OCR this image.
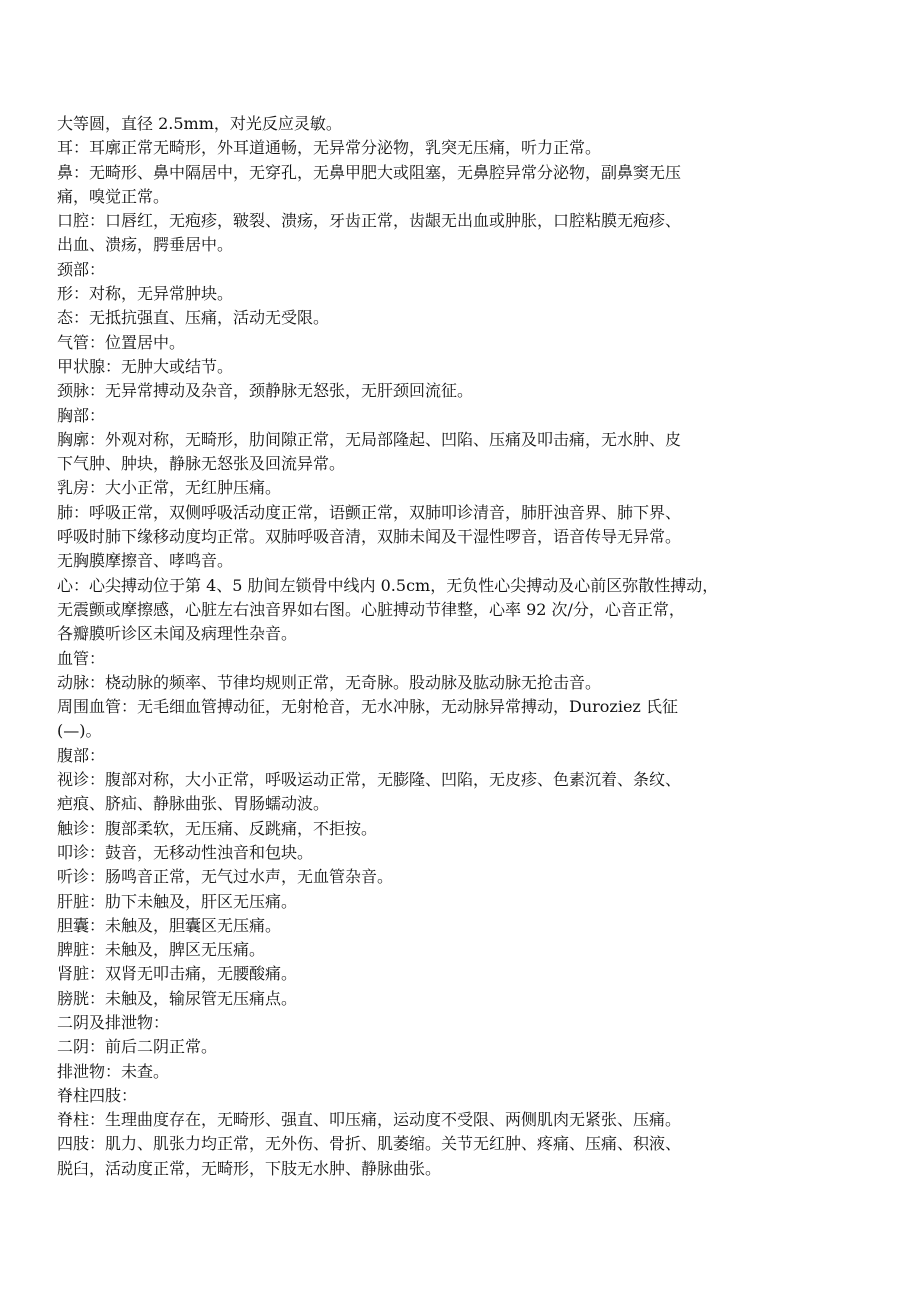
大等圆，直径 2.5mm，对光反应灵敏。
耳：耳廓正常无畸形，外耳道通畅，无异常分泌物，乳突无压痛，听力正常。
鼻：无畸形、鼻中隔居中，无穿孔，无鼻甲肥大或阻塞，无鼻腔异常分泌物，副鼻窦无压
痛，嗅觉正常。
口腔：口唇红，无疱疹，皲裂、溃疡，牙齿正常，齿龈无出血或肿胀，口腔粘膜无疱疹、
出血、溃疡，腭垂居中。
颈部：
形：对称，无异常肿块。
态：无抵抗强直、压痛，活动无受限。
气管：位置居中。
甲状腺：无肿大或结节。
颈脉：无异常搏动及杂音，颈静脉无怒张，无肝颈回流征。
胸部：
胸廓：外观对称，无畸形，肋间隙正常，无局部隆起、凹陷、压痛及叩击痛，无水肿、皮
下气肿、肿块，静脉无怒张及回流异常。
乳房：大小正常，无红肿压痛。
肺：呼吸正常，双侧呼吸活动度正常，语颤正常，双肺叩诊清音，肺肝浊音界、肺下界、
呼吸时肺下缘移动度均正常。双肺呼吸音清，双肺未闻及干湿性啰音，语音传导无异常。
无胸膜摩擦音、哮鸣音。
心：心尖搏动位于第 4、5 肋间左锁骨中线内 0.5cm，无负性心尖搏动及心前区弥散性搏动，
无震颤或摩擦感，心脏左右浊音界如右图。心脏搏动节律整，心率 92 次/分，心音正常，
各瓣膜听诊区未闻及病理性杂音。
血管：
动脉：桡动脉的频率、节律均规则正常，无奇脉。股动脉及肱动脉无抢击音。
周围血管：无毛细血管搏动征，无射枪音，无水冲脉，无动脉异常搏动，Duroziez 氏征
(—)。
腹部：
视诊：腹部对称，大小正常，呼吸运动正常，无膨隆、凹陷，无皮疹、色素沉着、条纹、
疤痕、脐疝、静脉曲张、胃肠蠕动波。
触诊：腹部柔软，无压痛、反跳痛，不拒按。
叩诊：鼓音，无移动性浊音和包块。
听诊：肠鸣音正常，无气过水声，无血管杂音。
肝脏：肋下未触及，肝区无压痛。
胆囊：未触及，胆囊区无压痛。
脾脏：未触及，脾区无压痛。
肾脏：双肾无叩击痛，无腰酸痛。
膀胱：未触及，输尿管无压痛点。
二阴及排泄物：
二阴：前后二阴正常。
排泄物：未查。
脊柱四肢：
脊柱：生理曲度存在，无畸形、强直、叩压痛，运动度不受限、两侧肌肉无紧张、压痛。
四肢：肌力、肌张力均正常，无外伤、骨折、肌萎缩。关节无红肿、疼痛、压痛、积液、
脱臼，活动度正常，无畸形，下肢无水肿、静脉曲张。
